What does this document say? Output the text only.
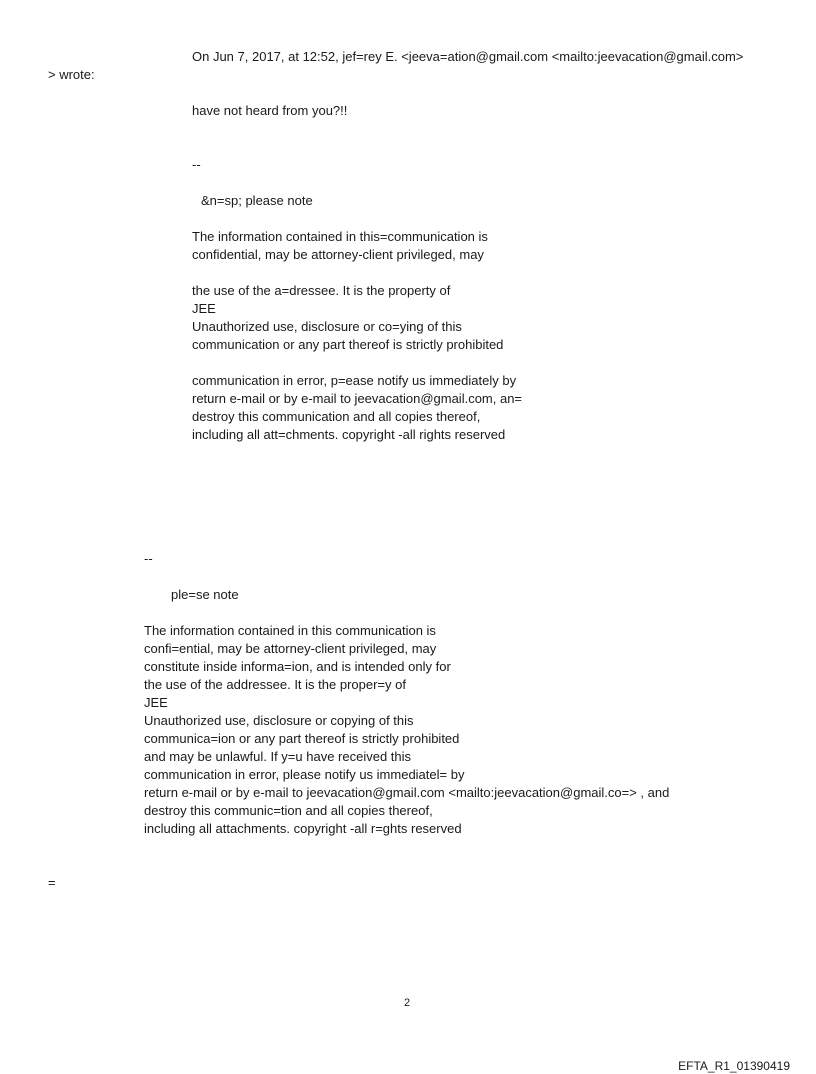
On Jun 7, 2017, at 12:52, jef=rey E. <jeeva=ation@gmail.com <mailto:jeevacation@gmail.com>
> wrote:
have not heard from you?!!
--
&n=sp; please note
The information contained in this=communication is
confidential, may be attorney-client privileged, may
the use of the a=dressee. It is the property of
JEE
Unauthorized use, disclosure or co=ying of this
communication or any part thereof is strictly prohibited
communication in error, p=ease notify us immediately by
return e-mail or by e-mail to jeevacation@gmail.com, an=
destroy this communication and all copies thereof,
including all att=chments. copyright -all rights reserved
--
ple=se note
The information contained in this communication is
confi=ential, may be attorney-client privileged, may
constitute inside informa=ion, and is intended only for
the use of the addressee. It is the proper=y of
JEE
Unauthorized use, disclosure or copying of this
communica=ion or any part thereof is strictly prohibited
and may be unlawful. If y=u have received this
communication in error, please notify us immediatel= by
return e-mail or by e-mail to jeevacation@gmail.com <mailto:jeevacation@gmail.co=> , and
destroy this communic=tion and all copies thereof,
including all attachments. copyright -all r=ghts reserved
=
2
EFTA_R1_01390419
